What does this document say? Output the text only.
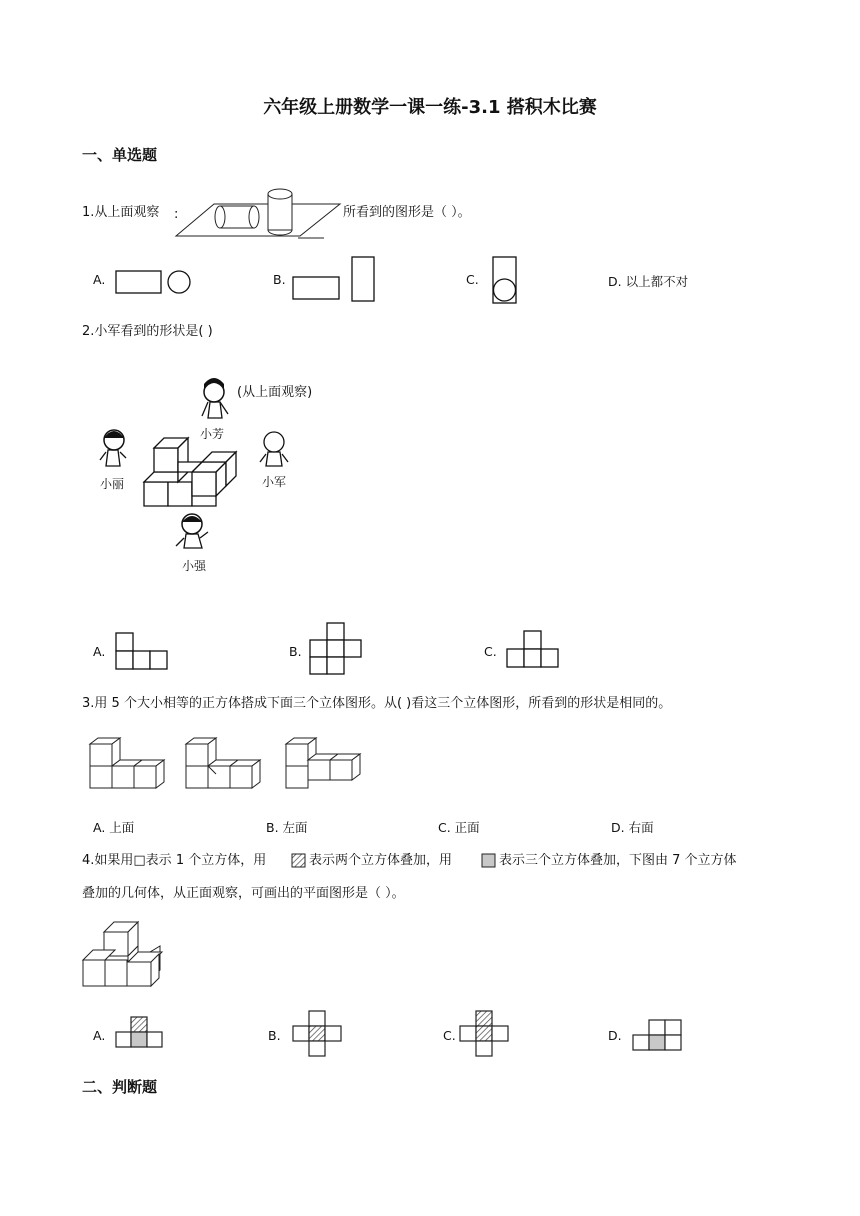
六年级上册数学一课一练-3.1 搭积木比赛
一、单选题
1.从上面观察 :	所看到的图形是（ ）。
A.	B.	C.	D. 以上都不对
2.小军看到的形状是( )
(从上面观察)
小芳
小丽	小军
小强
A.	B.	C.
3.用 5 个大小相等的正方体搭成下面三个立体图形。从( )看这三个立体图形，所看到的形状是相同的。
A. 上面	B. 左面	C. 正面	D. 右面
4.如果用□表示 1 个立方体，用	表示两个立方体叠加，用	表示三个立方体叠加，下图由 7 个立方体
叠加的几何体，从正面观察，可画出的平面图形是（ ）。
A.	B.	C.	D.
二、判断题
